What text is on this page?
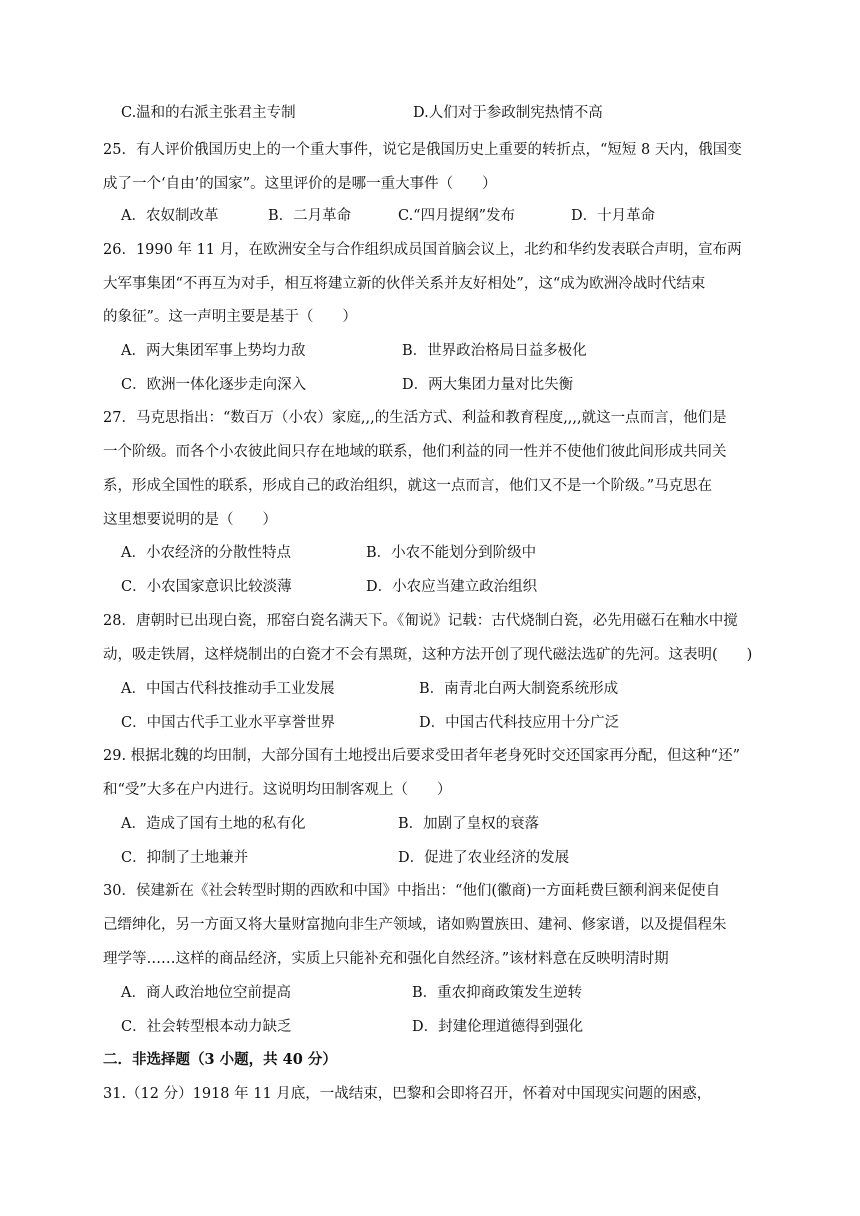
C.温和的右派主张君主专制	D.人们对于参政制宪热情不高
25．有人评价俄国历史上的一个重大事件，说它是俄国历史上重要的转折点，“短短 8 天内，俄国变
成了一个‘自由’的国家”。这里评价的是哪一重大事件（　　）
A．农奴制改革	B．二月革命	C.“四月提纲”发布	D．十月革命
26．1990 年 11 月，在欧洲安全与合作组织成员国首脑会议上，北约和华约发表联合声明，宣布两
大军事集团“不再互为对手，相互将建立新的伙伴关系并友好相处”，这“成为欧洲冷战时代结束
的象征”。这一声明主要是基于（　　）
A．两大集团军事上势均力敌	B．世界政治格局日益多极化
C．欧洲一体化逐步走向深入	D．两大集团力量对比失衡
27．马克思指出：“数百万（小农）家庭,,,的生活方式、利益和教育程度,,,,就这一点而言，他们是
一个阶级。而各个小农彼此间只存在地域的联系，他们利益的同一性并不使他们彼此间形成共同关
系，形成全国性的联系，形成自己的政治组织，就这一点而言，他们又不是一个阶级。”马克思在
这里想要说明的是（　　）
A．小农经济的分散性特点	B．小农不能划分到阶级中
C．小农国家意识比较淡薄	D．小农应当建立政治组织
28．唐朝时已出现白瓷，邢窑白瓷名满天下。《匍说》记载：古代烧制白瓷，必先用磁石在釉水中搅
动，吸走铁屑，这样烧制出的白瓷才不会有黑斑，这种方法开创了现代磁法选矿的先河。这表明(　　)
A．中国古代科技推动手工业发展	B．南青北白两大制瓷系统形成
C．中国古代手工业水平享誉世界	D．中国古代科技应用十分广泛
29. 根据北魏的均田制，大部分国有土地授出后要求受田者年老身死时交还国家再分配，但这种“还”
和“受”大多在户内进行。这说明均田制客观上（　　）
A．造成了国有土地的私有化	B．加剧了皇权的衰落
C．抑制了土地兼并	D．促进了农业经济的发展
30．侯建新在《社会转型时期的西欧和中国》中指出：“他们(徽商)一方面耗费巨额利润来促使自
己缙绅化，另一方面又将大量财富抛向非生产领域，诸如购置族田、建祠、修家谱，以及提倡程朱
理学等……这样的商品经济，实质上只能补充和强化自然经济。”该材料意在反映明清时期
A．商人政治地位空前提高	B．重农抑商政策发生逆转
C．社会转型根本动力缺乏	D．封建伦理道德得到强化
二．非选择题（3 小题，共 40 分）
31.（12 分）1918 年 11 月底，一战结束，巴黎和会即将召开，怀着对中国现实问题的困惑，
